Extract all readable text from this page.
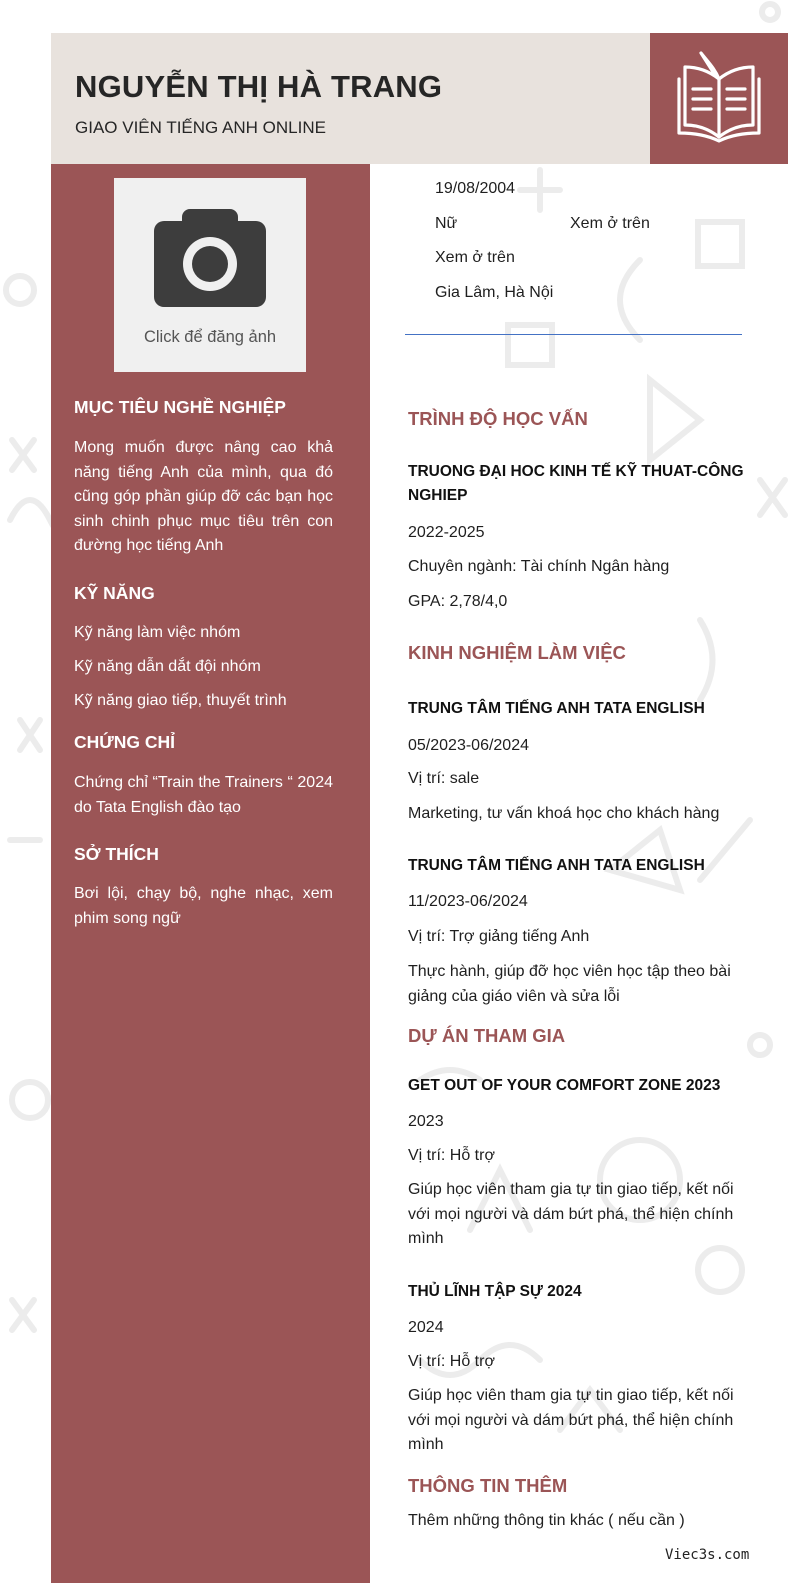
NGUYỄN THỊ HÀ TRANG
GIAO VIÊN TIẾNG ANH ONLINE
Click để đăng ảnh
MỤC TIÊU NGHỀ NGHIỆP
Mong muốn được nâng cao khả năng tiếng Anh của mình, qua đó cũng góp phần giúp đỡ các bạn học sinh chinh phục mục tiêu trên con đường học tiếng Anh
KỸ NĂNG
Kỹ năng làm việc nhóm
Kỹ năng dẫn dắt đội nhóm
Kỹ năng giao tiếp, thuyết trình
CHỨNG CHỈ
Chứng chỉ “Train the Trainers “ 2024 do Tata English đào tạo
SỞ THÍCH
Bơi lội, chạy bộ, nghe nhạc, xem phim song ngữ
19/08/2004
Nữ	Xem ở trên
Xem ở trên
Gia Lâm, Hà Nội
TRÌNH ĐỘ HỌC VẤN
TRUONG ĐẠI HOC KINH TẾ KỸ THUAT-CÔNG NGHIEP
2022-2025
Chuyên ngành: Tài chính Ngân hàng
GPA: 2,78/4,0
KINH NGHIỆM LÀM VIỆC
TRUNG TÂM TIẾNG ANH TATA ENGLISH
05/2023-06/2024
Vị trí: sale
Marketing, tư vấn khoá học cho khách hàng
TRUNG TÂM TIẾNG ANH TATA ENGLISH
11/2023-06/2024
Vị trí: Trợ giảng tiếng Anh
Thực hành, giúp đỡ học viên học tập theo bài giảng của giáo viên và sửa lỗi
DỰ ÁN THAM GIA
GET OUT OF YOUR COMFORT ZONE 2023
2023
Vị trí: Hỗ trợ
Giúp học viên tham gia tự tin giao tiếp, kết nối với mọi người và dám bứt phá, thể hiện chính mình
THỦ LĨNH TẬP SỰ 2024
2024
Vị trí: Hỗ trợ
Giúp học viên tham gia tự tin giao tiếp, kết nối với mọi người và dám bứt phá, thể hiện chính mình
THÔNG TIN THÊM
Thêm những thông tin khác ( nếu cần )
Viec3s.com
